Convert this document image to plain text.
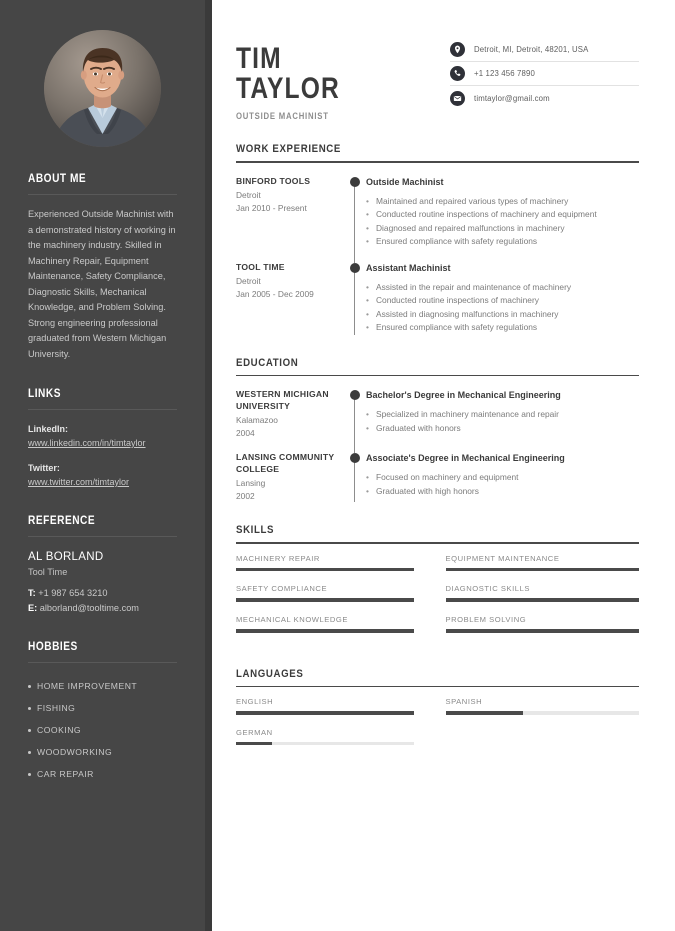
ABOUT ME
Experienced Outside Machinist with a demonstrated history of working in the machinery industry. Skilled in Machinery Repair, Equipment Maintenance, Safety Compliance, Diagnostic Skills, Mechanical Knowledge, and Problem Solving. Strong engineering professional graduated from Western Michigan University.
LINKS
LinkedIn:
www.linkedin.com/in/timtaylor
Twitter:
www.twitter.com/timtaylor
REFERENCE
AL BORLAND
Tool Time
T: +1 987 654 3210
E: alborland@tooltime.com
HOBBIES
HOME IMPROVEMENT
FISHING
COOKING
WOODWORKING
CAR REPAIR
TIM
TAYLOR
OUTSIDE MACHINIST
Detroit, MI, Detroit, 48201, USA
+1 123 456 7890
timtaylor@gmail.com
WORK EXPERIENCE
BINFORD TOOLS
Detroit
Jan 2010 - Present
Outside Machinist
• Maintained and repaired various types of machinery
• Conducted routine inspections of machinery and equipment
• Diagnosed and repaired malfunctions in machinery
• Ensured compliance with safety regulations
TOOL TIME
Detroit
Jan 2005 - Dec 2009
Assistant Machinist
• Assisted in the repair and maintenance of machinery
• Conducted routine inspections of machinery
• Assisted in diagnosing malfunctions in machinery
• Ensured compliance with safety regulations
EDUCATION
WESTERN MICHIGAN UNIVERSITY
Kalamazoo
2004
Bachelor's Degree in Mechanical Engineering
• Specialized in machinery maintenance and repair
• Graduated with honors
LANSING COMMUNITY COLLEGE
Lansing
2002
Associate's Degree in Mechanical Engineering
• Focused on machinery and equipment
• Graduated with high honors
SKILLS
MACHINERY REPAIR	EQUIPMENT MAINTENANCE
SAFETY COMPLIANCE	DIAGNOSTIC SKILLS
MECHANICAL KNOWLEDGE	PROBLEM SOLVING
LANGUAGES
ENGLISH	SPANISH
GERMAN
